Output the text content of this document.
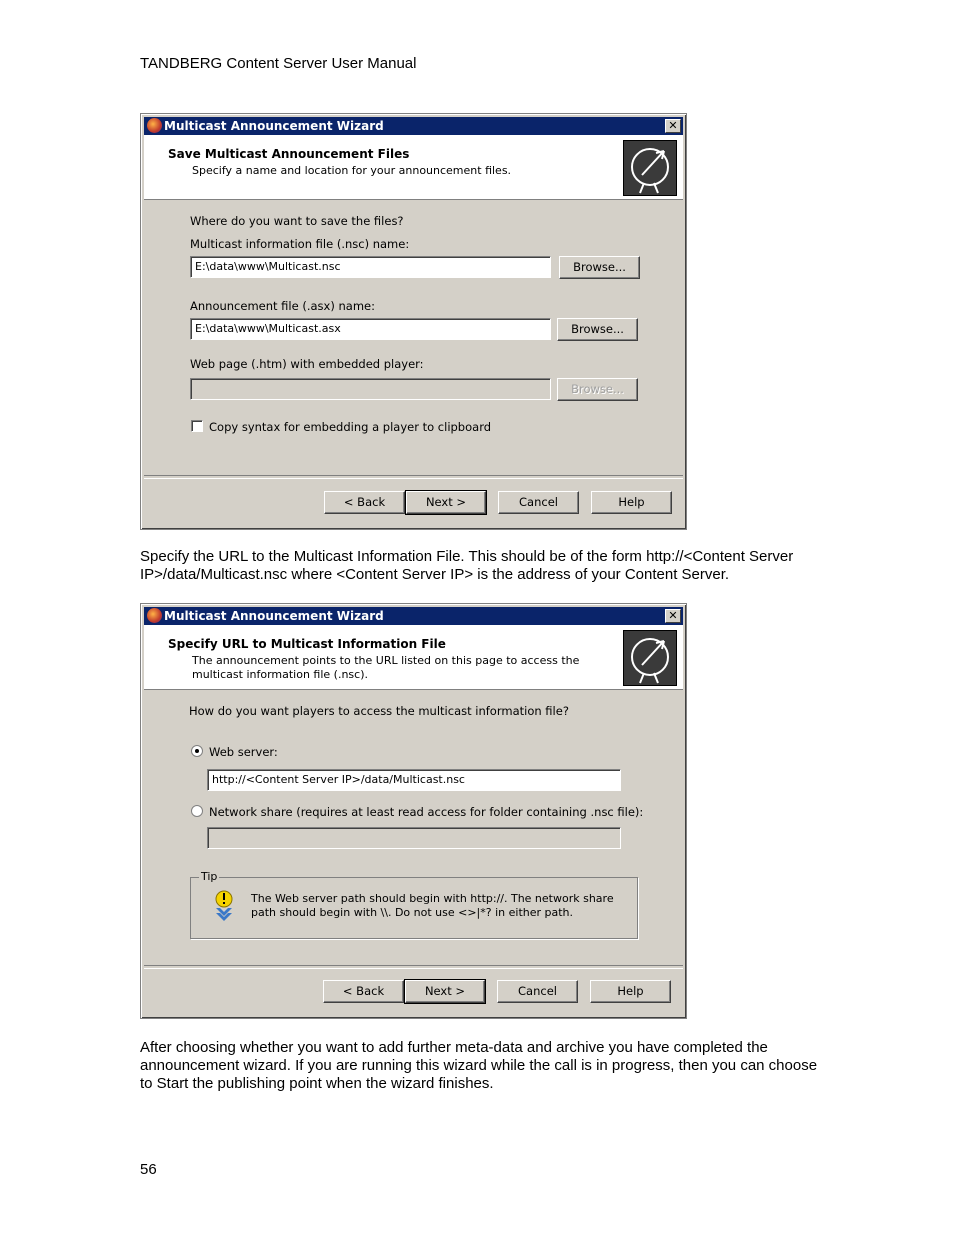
TANDBERG Content Server User Manual
Multicast Announcement Wizard	✕
Save Multicast Announcement Files
Specify a name and location for your announcement files.
Where do you want to save the files?
Multicast information file (.nsc) name:
E:\data\www\Multicast.nsc	Browse...
Announcement file (.asx) name:
E:\data\www\Multicast.asx	Browse...
Web page (.htm) with embedded player:
Browse...
Copy syntax for embedding a player to clipboard
< Back	Next >	Cancel	Help
Specify the URL to the Multicast Information File. This should be of the form http://<Content Server IP>/data/Multicast.nsc where <Content Server IP> is the address of your Content Server.
Multicast Announcement Wizard	✕
Specify URL to Multicast Information File
The announcement points to the URL listed on this page to access the multicast information file (.nsc).
How do you want players to access the multicast information file?
Web server:
http://<Content Server IP>/data/Multicast.nsc
Network share (requires at least read access for folder containing .nsc file):
Tip
The Web server path should begin with http://. The network share path should begin with \\. Do not use <>|*? in either path.
< Back	Next >	Cancel	Help
After choosing whether you want to add further meta-data and archive you have completed the announcement wizard. If you are running this wizard while the call is in progress, then you can choose to Start the publishing point when the wizard finishes.
56
